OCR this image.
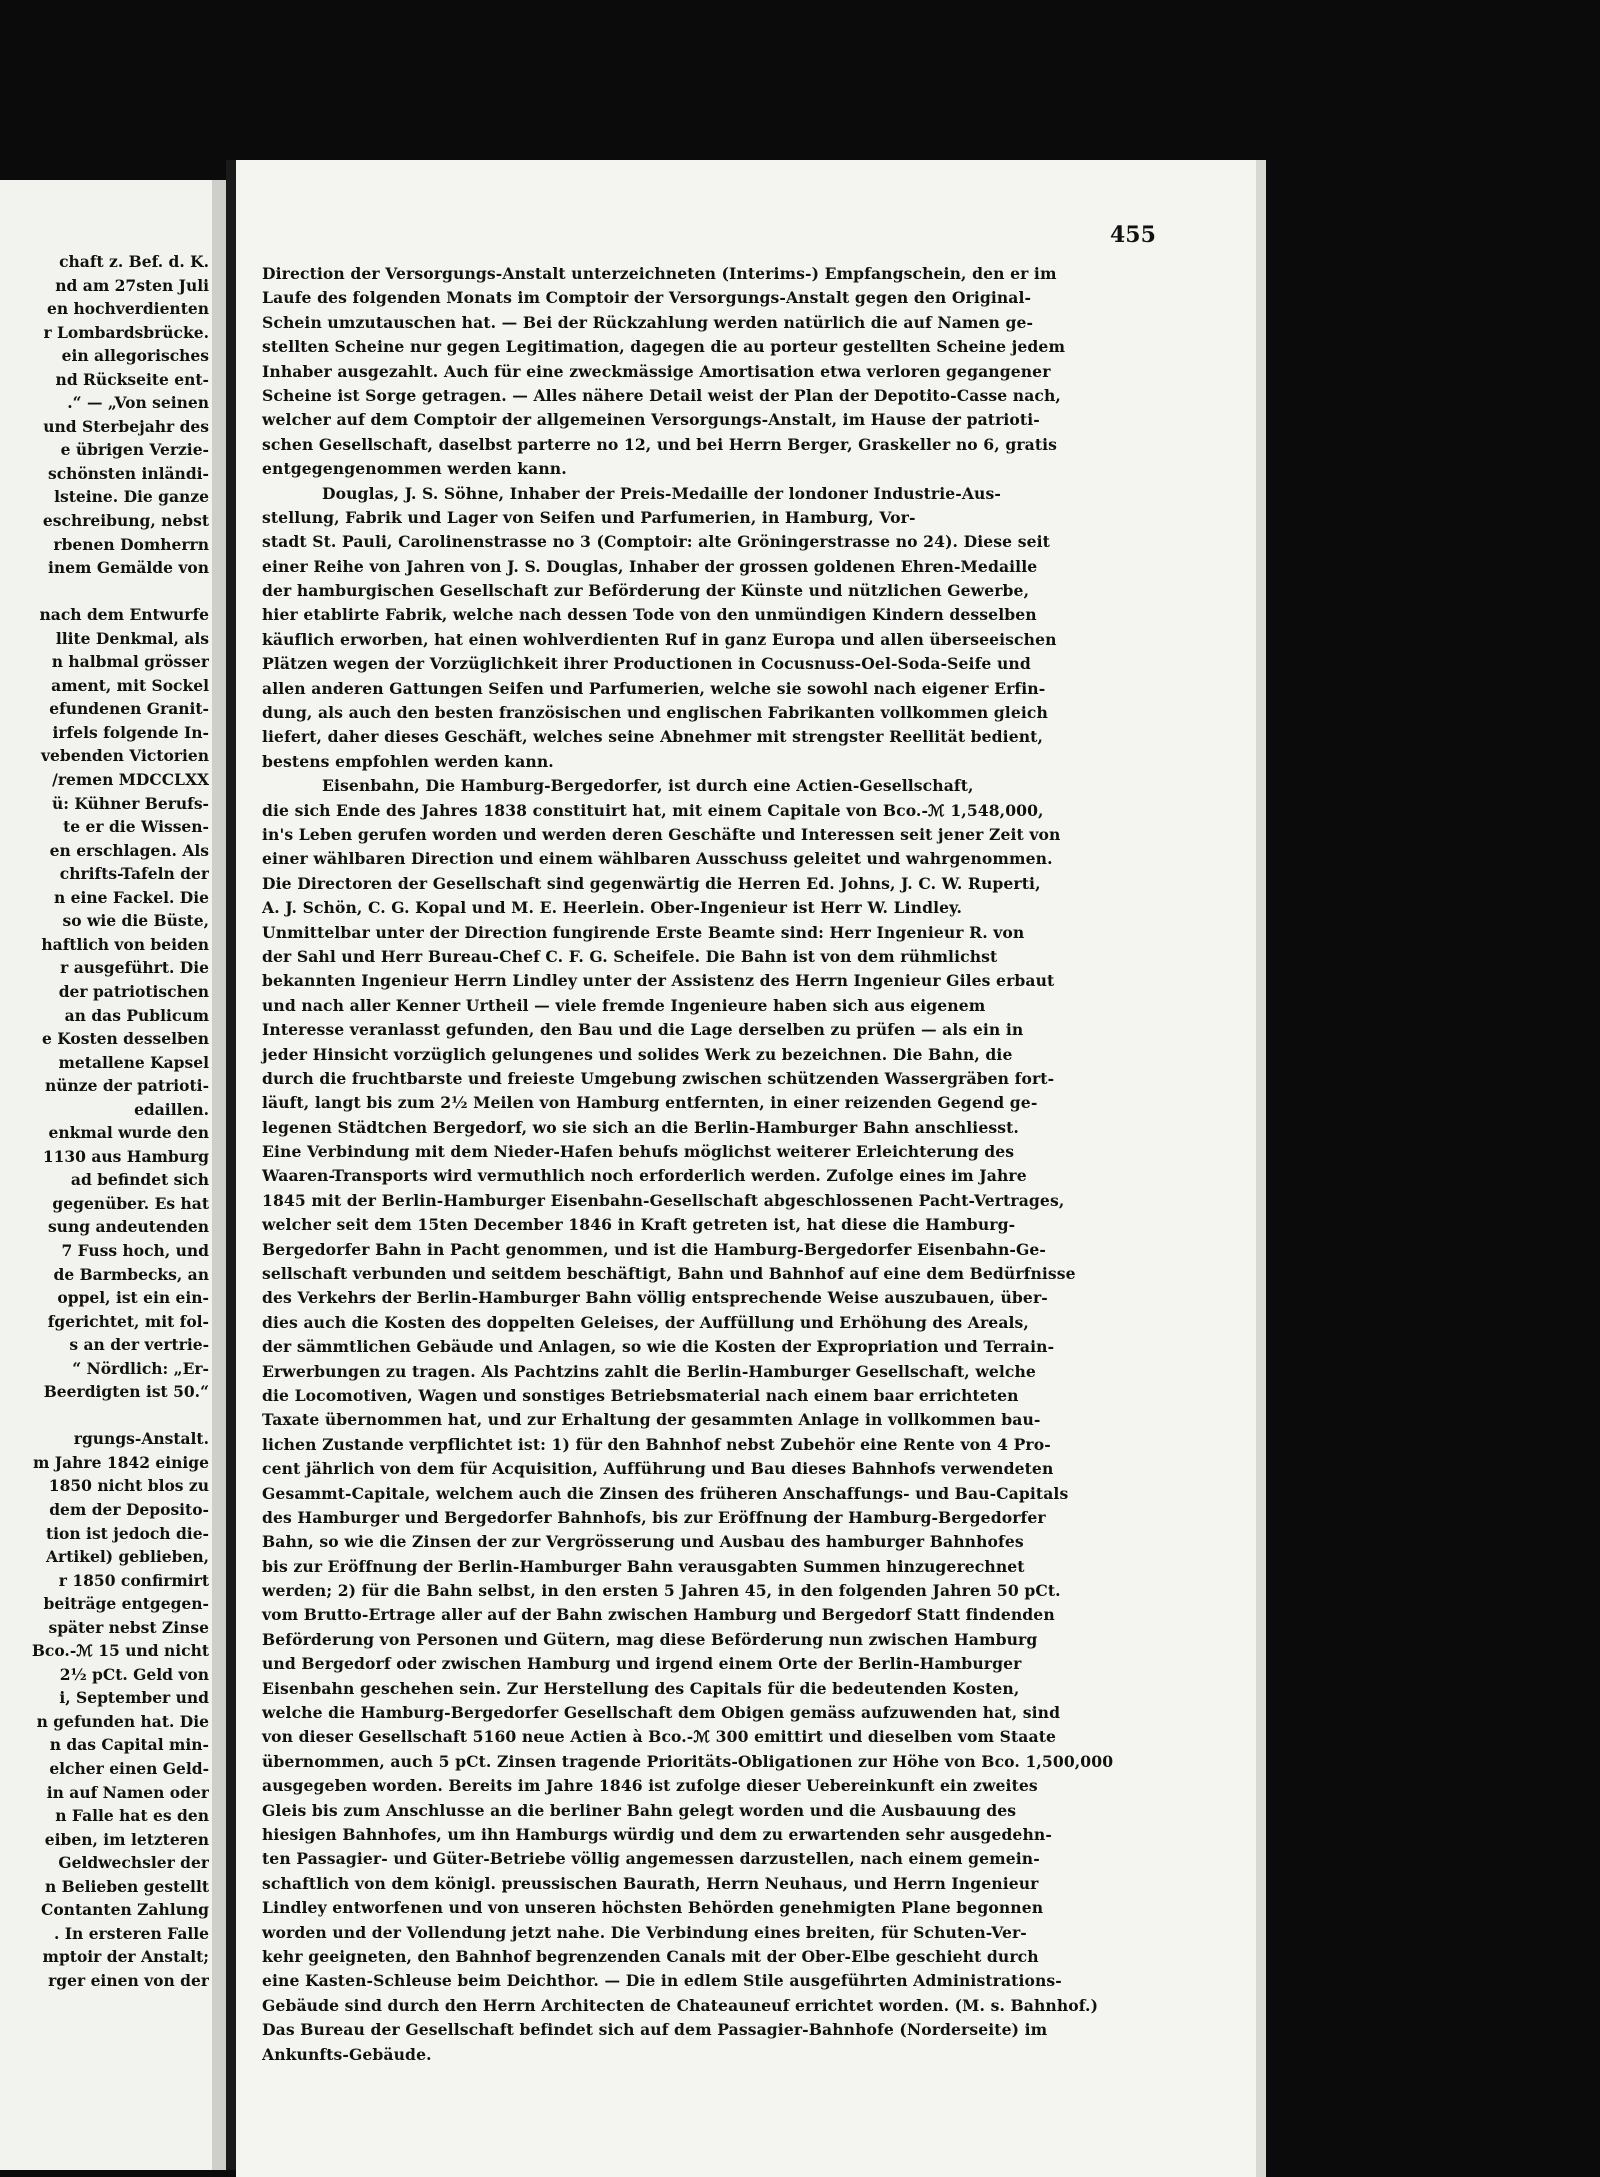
chaft z. Bef. d. K.
nd am 27sten Juli
en hochverdienten
r Lombardsbrücke.
ein allegorisches
nd Rückseite ent-
.“ — „Von seinen
und Sterbejahr des
e übrigen Verzie-
schönsten inländi-
lsteine. Die ganze
eschreibung, nebst
rbenen Domherrn
inem Gemälde von
nach dem Entwurfe
llite Denkmal, als
n halbmal grösser
ament, mit Sockel
efundenen Granit-
irfels folgende In-
vebenden Victorien
/remen MDCCLXX
ü: Kühner Berufs-
te er die Wissen-
en erschlagen. Als
chrifts-Tafeln der
n eine Fackel. Die
so wie die Büste,
haftlich von beiden
r ausgeführt. Die
der patriotischen
an das Publicum
e Kosten desselben
metallene Kapsel
nünze der patrioti-
edaillen.
enkmal wurde den
1130 aus Hamburg
ad befindet sich
gegenüber. Es hat
sung andeutenden
7 Fuss hoch, und
de Barmbecks, an
oppel, ist ein ein-
fgerichtet, mit fol-
s an der vertrie-
“ Nördlich: „Er-
Beerdigten ist 50.“
rgungs-Anstalt.
m Jahre 1842 einige
1850 nicht blos zu
dem der Deposito-
tion ist jedoch die-
Artikel) geblieben,
r 1850 confirmirt
beiträge entgegen-
später nebst Zinse
Bco.-ℳ 15 und nicht
2½ pCt. Geld von
i, September und
n gefunden hat. Die
n das Capital min-
elcher einen Geld-
in auf Namen oder
n Falle hat es den
eiben, im letzteren
Geldwechsler der
n Belieben gestellt
Contanten Zahlung
. In ersteren Falle
mptoir der Anstalt;
rger einen von der
455
Direction der Versorgungs-Anstalt unterzeichneten (Interims-) Empfangschein, den er im
Laufe des folgenden Monats im Comptoir der Versorgungs-Anstalt gegen den Original-
Schein umzutauschen hat. — Bei der Rückzahlung werden natürlich die auf Namen ge-
stellten Scheine nur gegen Legitimation, dagegen die au porteur gestellten Scheine jedem
Inhaber ausgezahlt. Auch für eine zweckmässige Amortisation etwa verloren gegangener
Scheine ist Sorge getragen. — Alles nähere Detail weist der Plan der Depotito-Casse nach,
welcher auf dem Comptoir der allgemeinen Versorgungs-Anstalt, im Hause der patrioti-
schen Gesellschaft, daselbst parterre no 12, und bei Herrn Berger, Graskeller no 6, gratis
entgegengenommen werden kann.
Douglas, J. S. Söhne, Inhaber der Preis-Medaille der londoner Industrie-Aus-
stellung, Fabrik und Lager von Seifen und Parfumerien, in Hamburg, Vor-
stadt St. Pauli, Carolinenstrasse no 3 (Comptoir: alte Gröningerstrasse no 24). Diese seit
einer Reihe von Jahren von J. S. Douglas, Inhaber der grossen goldenen Ehren-Medaille
der hamburgischen Gesellschaft zur Beförderung der Künste und nützlichen Gewerbe,
hier etablirte Fabrik, welche nach dessen Tode von den unmündigen Kindern desselben
käuflich erworben, hat einen wohlverdienten Ruf in ganz Europa und allen überseeischen
Plätzen wegen der Vorzüglichkeit ihrer Productionen in Cocusnuss-Oel-Soda-Seife und
allen anderen Gattungen Seifen und Parfumerien, welche sie sowohl nach eigener Erfin-
dung, als auch den besten französischen und englischen Fabrikanten vollkommen gleich
liefert, daher dieses Geschäft, welches seine Abnehmer mit strengster Reellität bedient,
bestens empfohlen werden kann.
Eisenbahn, Die Hamburg-Bergedorfer, ist durch eine Actien-Gesellschaft,
die sich Ende des Jahres 1838 constituirt hat, mit einem Capitale von Bco.-ℳ 1,548,000,
in's Leben gerufen worden und werden deren Geschäfte und Interessen seit jener Zeit von
einer wählbaren Direction und einem wählbaren Ausschuss geleitet und wahrgenommen.
Die Directoren der Gesellschaft sind gegenwärtig die Herren Ed. Johns, J. C. W. Ruperti,
A. J. Schön, C. G. Kopal und M. E. Heerlein. Ober-Ingenieur ist Herr W. Lindley.
Unmittelbar unter der Direction fungirende Erste Beamte sind: Herr Ingenieur R. von
der Sahl und Herr Bureau-Chef C. F. G. Scheifele. Die Bahn ist von dem rühmlichst
bekannten Ingenieur Herrn Lindley unter der Assistenz des Herrn Ingenieur Giles erbaut
und nach aller Kenner Urtheil — viele fremde Ingenieure haben sich aus eigenem
Interesse veranlasst gefunden, den Bau und die Lage derselben zu prüfen — als ein in
jeder Hinsicht vorzüglich gelungenes und solides Werk zu bezeichnen. Die Bahn, die
durch die fruchtbarste und freieste Umgebung zwischen schützenden Wassergräben fort-
läuft, langt bis zum 2½ Meilen von Hamburg entfernten, in einer reizenden Gegend ge-
legenen Städtchen Bergedorf, wo sie sich an die Berlin-Hamburger Bahn anschliesst.
Eine Verbindung mit dem Nieder-Hafen behufs möglichst weiterer Erleichterung des
Waaren-Transports wird vermuthlich noch erforderlich werden. Zufolge eines im Jahre
1845 mit der Berlin-Hamburger Eisenbahn-Gesellschaft abgeschlossenen Pacht-Vertrages,
welcher seit dem 15ten December 1846 in Kraft getreten ist, hat diese die Hamburg-
Bergedorfer Bahn in Pacht genommen, und ist die Hamburg-Bergedorfer Eisenbahn-Ge-
sellschaft verbunden und seitdem beschäftigt, Bahn und Bahnhof auf eine dem Bedürfnisse
des Verkehrs der Berlin-Hamburger Bahn völlig entsprechende Weise auszubauen, über-
dies auch die Kosten des doppelten Geleises, der Auffüllung und Erhöhung des Areals,
der sämmtlichen Gebäude und Anlagen, so wie die Kosten der Expropriation und Terrain-
Erwerbungen zu tragen. Als Pachtzins zahlt die Berlin-Hamburger Gesellschaft, welche
die Locomotiven, Wagen und sonstiges Betriebsmaterial nach einem baar errichteten
Taxate übernommen hat, und zur Erhaltung der gesammten Anlage in vollkommen bau-
lichen Zustande verpflichtet ist: 1) für den Bahnhof nebst Zubehör eine Rente von 4 Pro-
cent jährlich von dem für Acquisition, Aufführung und Bau dieses Bahnhofs verwendeten
Gesammt-Capitale, welchem auch die Zinsen des früheren Anschaffungs- und Bau-Capitals
des Hamburger und Bergedorfer Bahnhofs, bis zur Eröffnung der Hamburg-Bergedorfer
Bahn, so wie die Zinsen der zur Vergrösserung und Ausbau des hamburger Bahnhofes
bis zur Eröffnung der Berlin-Hamburger Bahn verausgabten Summen hinzugerechnet
werden; 2) für die Bahn selbst, in den ersten 5 Jahren 45, in den folgenden Jahren 50 pCt.
vom Brutto-Ertrage aller auf der Bahn zwischen Hamburg und Bergedorf Statt findenden
Beförderung von Personen und Gütern, mag diese Beförderung nun zwischen Hamburg
und Bergedorf oder zwischen Hamburg und irgend einem Orte der Berlin-Hamburger
Eisenbahn geschehen sein. Zur Herstellung des Capitals für die bedeutenden Kosten,
welche die Hamburg-Bergedorfer Gesellschaft dem Obigen gemäss aufzuwenden hat, sind
von dieser Gesellschaft 5160 neue Actien à Bco.-ℳ 300 emittirt und dieselben vom Staate
übernommen, auch 5 pCt. Zinsen tragende Prioritäts-Obligationen zur Höhe von Bco. 1,500,000
ausgegeben worden. Bereits im Jahre 1846 ist zufolge dieser Uebereinkunft ein zweites
Gleis bis zum Anschlusse an die berliner Bahn gelegt worden und die Ausbauung des
hiesigen Bahnhofes, um ihn Hamburgs würdig und dem zu erwartenden sehr ausgedehn-
ten Passagier- und Güter-Betriebe völlig angemessen darzustellen, nach einem gemein-
schaftlich von dem königl. preussischen Baurath, Herrn Neuhaus, und Herrn Ingenieur
Lindley entworfenen und von unseren höchsten Behörden genehmigten Plane begonnen
worden und der Vollendung jetzt nahe. Die Verbindung eines breiten, für Schuten-Ver-
kehr geeigneten, den Bahnhof begrenzenden Canals mit der Ober-Elbe geschieht durch
eine Kasten-Schleuse beim Deichthor. — Die in edlem Stile ausgeführten Administrations-
Gebäude sind durch den Herrn Architecten de Chateauneuf errichtet worden. (M. s. Bahnhof.)
Das Bureau der Gesellschaft befindet sich auf dem Passagier-Bahnhofe (Norderseite) im
Ankunfts-Gebäude.
